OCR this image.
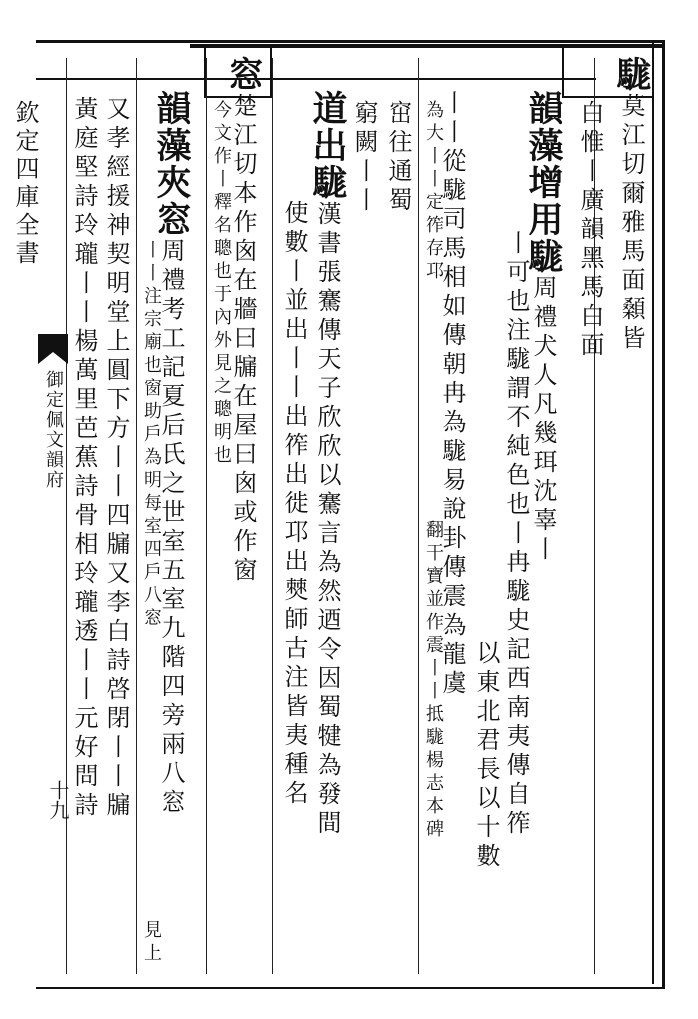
欽定四庫全書
御定佩文韻府
十九
駹莫江切爾雅馬面顙皆
白惟丨廣韻黑馬白面
韻藻增用駹周禮犬人凡幾珥沈辜丨
丨可也注駹謂不純色也丨冉駹史記西南夷傳自筰
以東北君長以十數
丨丨從駹司馬相如傳朝冉為駹易說卦傳震為龍虞
為大丨丨定筰存邛
翻干寶並作震丨丨抵駹楊志本碑
窋往通蜀
窮闕丨丨
道出駹漢書張騫傳天子欣欣以騫言為然迺令因蜀犍為發間
使數丨並出丨丨出筰出徙邛出僰師古注皆夷種名
窓楚江切本作囪在牆曰牖在屋曰囪或作窗
今文作丨釋名聰也于內外見之聰明也
韻藻夾窓周禮考工記夏后氏之世室五室九階四旁兩八窓
丨丨注宗廟也窗助戶為明每室四戶八窓
見上
又孝經援神契明堂上圓下方丨丨四牖又李白詩啓閉丨丨牖
黃庭堅詩玲瓏丨丨楊萬里芭蕉詩骨相玲瓏透丨丨元好問詩
